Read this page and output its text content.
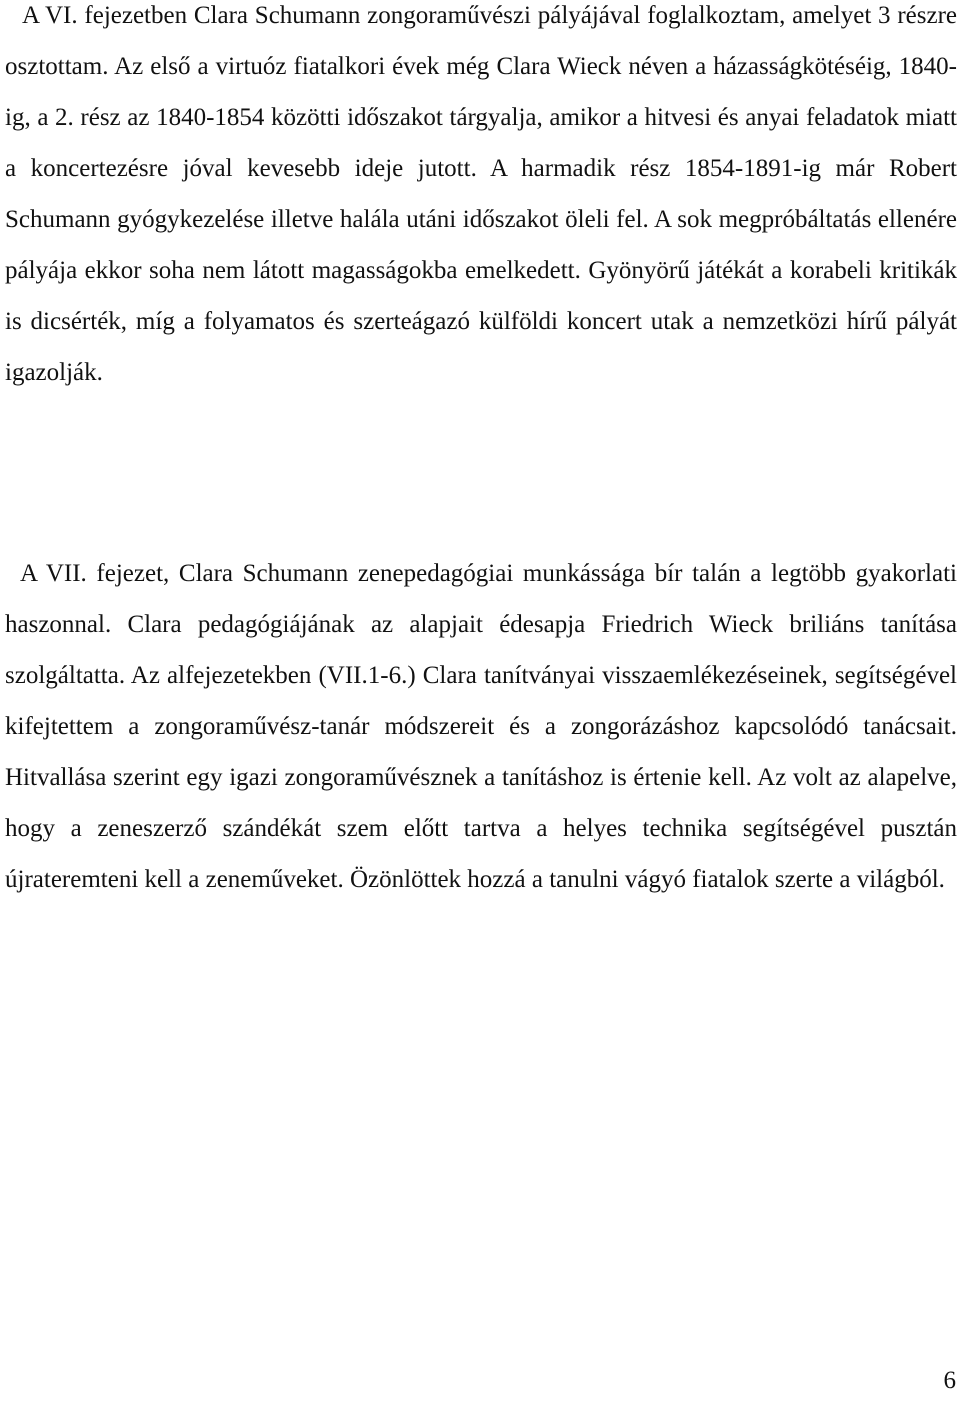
A VI. fejezetben Clara Schumann zongoraművészi pályájával foglalkoztam, amelyet 3 részre osztottam. Az első a virtuóz fiatalkori évek még Clara Wieck néven a házasságkötéséig, 1840-ig, a 2. rész az 1840-1854 közötti időszakot tárgyalja, amikor a hitvesi és anyai feladatok miatt a koncertezésre jóval kevesebb ideje jutott. A harmadik rész 1854-1891-ig már Robert Schumann gyógykezelése illetve halála utáni időszakot öleli fel. A sok megpróbáltatás ellenére pályája ekkor soha nem látott magasságokba emelkedett. Gyönyörű játékát a korabeli kritikák is dicsérték, míg a folyamatos és szerteágazó külföldi koncert utak a nemzetközi hírű pályát igazolják.

A VII. fejezet, Clara Schumann zenepedagógiai munkássága bír talán a legtöbb gyakorlati haszonnal. Clara pedagógiájának az alapjait édesapja Friedrich Wieck briliáns tanítása szolgáltatta. Az alfejezetekben (VII.1-6.) Clara tanítványai visszaemlékezéseinek, segítségével kifejtettem a zongoraművész-tanár módszereit és a zongorázáshoz kapcsolódó tanácsait. Hitvallása szerint egy igazi zongoraművésznek a tanításhoz is értenie kell. Az volt az alapelve, hogy a zeneszerző szándékát szem előtt tartva a helyes technika segítségével pusztán újrateremteni kell a zeneműveket. Özönlöttek hozzá a tanulni vágyó fiatalok szerte a világból.

6
